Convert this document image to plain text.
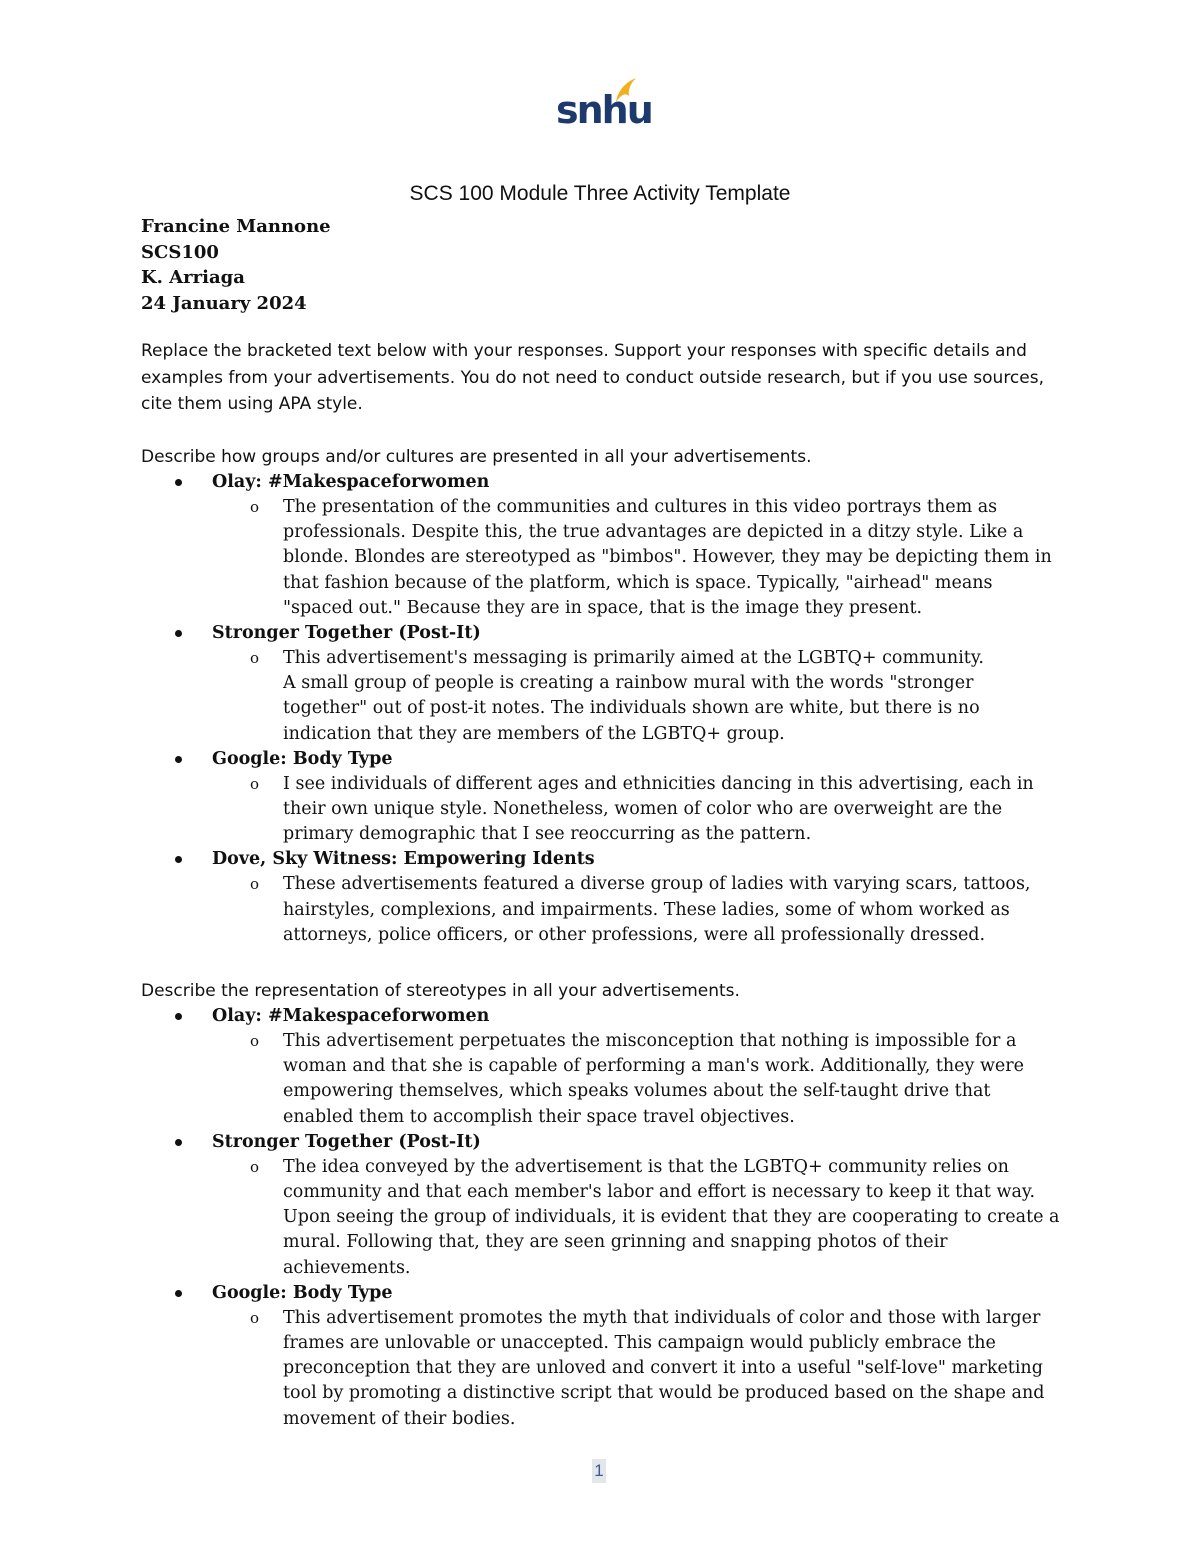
snhu
SCS 100 Module Three Activity Template
Francine Mannone
SCS100
K. Arriaga
24 January 2024
Replace the bracketed text below with your responses. Support your responses with specific details and examples from your advertisements. You do not need to conduct outside research, but if you use sources, cite them using APA style.
Describe how groups and/or cultures are presented in all your advertisements.
Olay: #Makespaceforwomen
o The presentation of the communities and cultures in this video portrays them as professionals. Despite this, the true advantages are depicted in a ditzy style. Like a blonde. Blondes are stereotyped as "bimbos". However, they may be depicting them in that fashion because of the platform, which is space. Typically, "airhead" means "spaced out." Because they are in space, that is the image they present.

Stronger Together (Post-It)
o This advertisement's messaging is primarily aimed at the LGBTQ+ community.

A small group of people is creating a rainbow mural with the words "stronger together" out of post-it notes. The individuals shown are white, but there is no indication that they are members of the LGBTQ+ group.

Google: Body Type
o I see individuals of different ages and ethnicities dancing in this advertising, each in their own unique style. Nonetheless, women of color who are overweight are the primary demographic that I see reoccurring as the pattern.

Dove, Sky Witness: Empowering Idents
o These advertisements featured a diverse group of ladies with varying scars, tattoos, hairstyles, complexions, and impairments. These ladies, some of whom worked as attorneys, police officers, or other professions, were all professionally dressed.

Describe the representation of stereotypes in all your advertisements.
Olay: #Makespaceforwomen
o This advertisement perpetuates the misconception that nothing is impossible for a woman and that she is capable of performing a man's work. Additionally, they were empowering themselves, which speaks volumes about the self-taught drive that enabled them to accomplish their space travel objectives.

Stronger Together (Post-It)
o The idea conveyed by the advertisement is that the LGBTQ+ community relies on community and that each member's labor and effort is necessary to keep it that way.

Upon seeing the group of individuals, it is evident that they are cooperating to create a mural. Following that, they are seen grinning and snapping photos of their achievements.

Google: Body Type
o This advertisement promotes the myth that individuals of color and those with larger frames are unlovable or unaccepted. This campaign would publicly embrace the preconception that they are unloved and convert it into a useful "self-love" marketing tool by promoting a distinctive script that would be produced based on the shape and movement of their bodies.

1
